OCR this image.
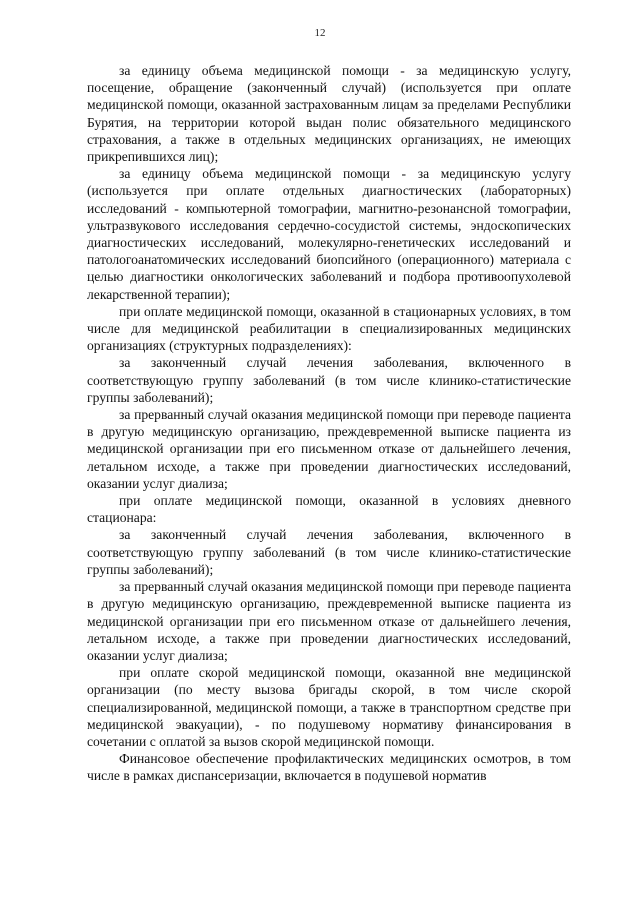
12

за единицу объема медицинской помощи - за медицинскую услугу, посещение, обращение (законченный случай) (используется при оплате медицинской помощи, оказанной застрахованным лицам за пределами Республики Бурятия, на территории которой выдан полис обязательного медицинского страхования, а также в отдельных медицинских организациях, не имеющих прикрепившихся лиц);

за единицу объема медицинской помощи - за медицинскую услугу (используется при оплате отдельных диагностических (лабораторных) исследований - компьютерной томографии, магнитно-резонансной томографии, ультразвукового исследования сердечно-сосудистой системы, эндоскопических диагностических исследований, молекулярно-генетических исследований и патологоанатомических исследований биопсийного (операционного) материала с целью диагностики онкологических заболеваний и подбора противоопухолевой лекарственной терапии);

при оплате медицинской помощи, оказанной в стационарных условиях, в том числе для медицинской реабилитации в специализированных медицинских организациях (структурных подразделениях):

за законченный случай лечения заболевания, включенного в соответствующую группу заболеваний (в том числе клинико-статистические группы заболеваний);

за прерванный случай оказания медицинской помощи при переводе пациента в другую медицинскую организацию, преждевременной выписке пациента из медицинской организации при его письменном отказе от дальнейшего лечения, летальном исходе, а также при проведении диагностических исследований, оказании услуг диализа;

при оплате медицинской помощи, оказанной в условиях дневного стационара:

за законченный случай лечения заболевания, включенного в соответствующую группу заболеваний (в том числе клинико-статистические группы заболеваний);

за прерванный случай оказания медицинской помощи при переводе пациента в другую медицинскую организацию, преждевременной выписке пациента из медицинской организации при его письменном отказе от дальнейшего лечения, летальном исходе, а также при проведении диагностических исследований, оказании услуг диализа;

при оплате скорой медицинской помощи, оказанной вне медицинской организации (по месту вызова бригады скорой, в том числе скорой специализированной, медицинской помощи, а также в транспортном средстве при медицинской эвакуации), - по подушевому нормативу финансирования в сочетании с оплатой за вызов скорой медицинской помощи.

Финансовое обеспечение профилактических медицинских осмотров, в том числе в рамках диспансеризации, включается в подушевой норматив
